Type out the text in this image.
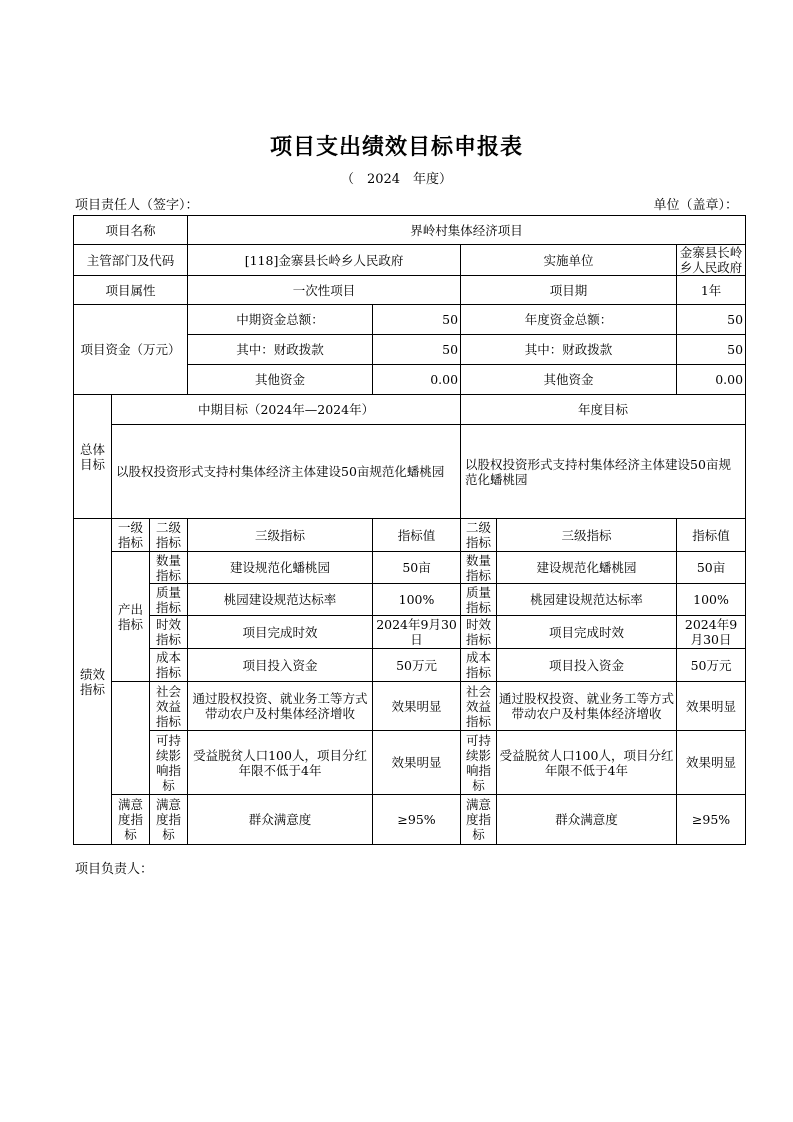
项目支出绩效目标申报表
（　2024　年度）
项目责任人（签字）：	单位（盖章）：
项目名称			界岭村集体经济项目				
主管部门及代码			[118]金寨县长岭乡人民政府		实施单位		金寨县长岭乡人民政府
项目属性			一次性项目		项目期		1年
项目资金（万元）			中期资金总额：	50	年度资金总额：		50
			其中：财政拨款	50	其中：财政拨款		50
			其他资金	0.00	其他资金		0.00
总体目标	中期目标（2024年—2024年）				年度目标		
	以股权投资形式支持村集体经济主体建设50亩规范化蟠桃园				以股权投资形式支持村集体经济主体建设50亩规范化蟠桃园		
绩效指标	一级指标	二级指标	三级指标	指标值	二级指标	三级指标	指标值
	产出指标	数量指标	建设规范化蟠桃园	50亩	数量指标	建设规范化蟠桃园	50亩
		质量指标	桃园建设规范达标率	100%	质量指标	桃园建设规范达标率	100%
		时效指标	项目完成时效	2024年9月30日	时效指标	项目完成时效	2024年9月30日
		成本指标	项目投入资金	50万元	成本指标	项目投入资金	50万元
		社会效益指标	通过股权投资、就业务工等方式带动农户及村集体经济增收	效果明显	社会效益指标	通过股权投资、就业务工等方式带动农户及村集体经济增收	效果明显
		可持续影响指标	受益脱贫人口100人，项目分红年限不低于4年	效果明显	可持续影响指标	受益脱贫人口100人，项目分红年限不低于4年	效果明显
	满意度指标	满意度指标	群众满意度	≥95%	满意度指标	群众满意度	≥95%
项目负责人：
